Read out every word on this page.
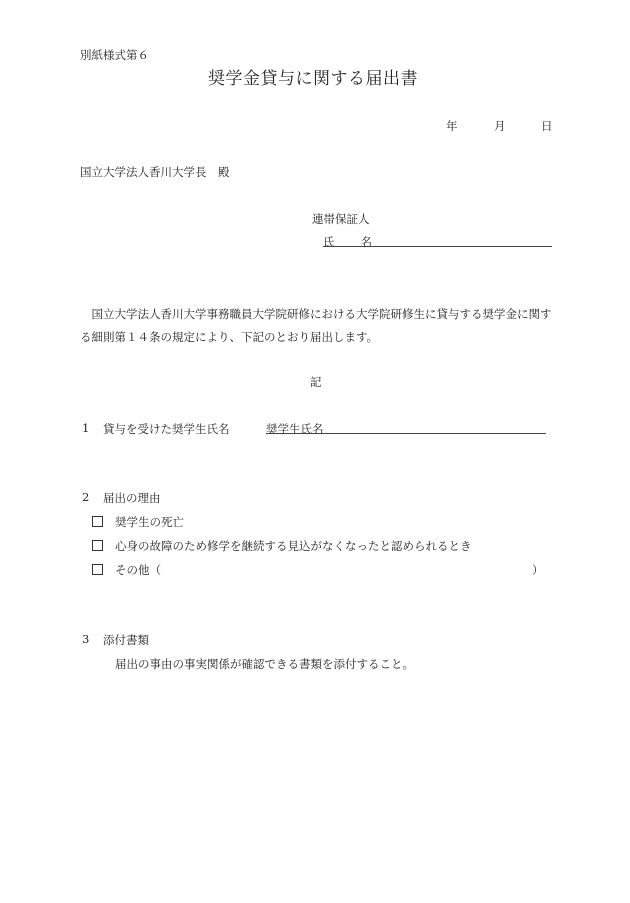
別紙様式第６
奨学金貸与に関する届出書
年	月	日
国立大学法人香川大学長　殿
連帯保証人
氏 名
　国立大学法人香川大学事務職員大学院研修における大学院研修生に貸与する奨学金に関す
る細則第１４条の規定により、下記のとおり届出します。
記
1 貸与を受けた奨学生氏名	奨学生氏名
2 届出の理由
奨学生の死亡
心身の故障のため修学を継続する見込がなくなったと認められるとき
その他（	）
3 添付書類
届出の事由の事実関係が確認できる書類を添付すること。
